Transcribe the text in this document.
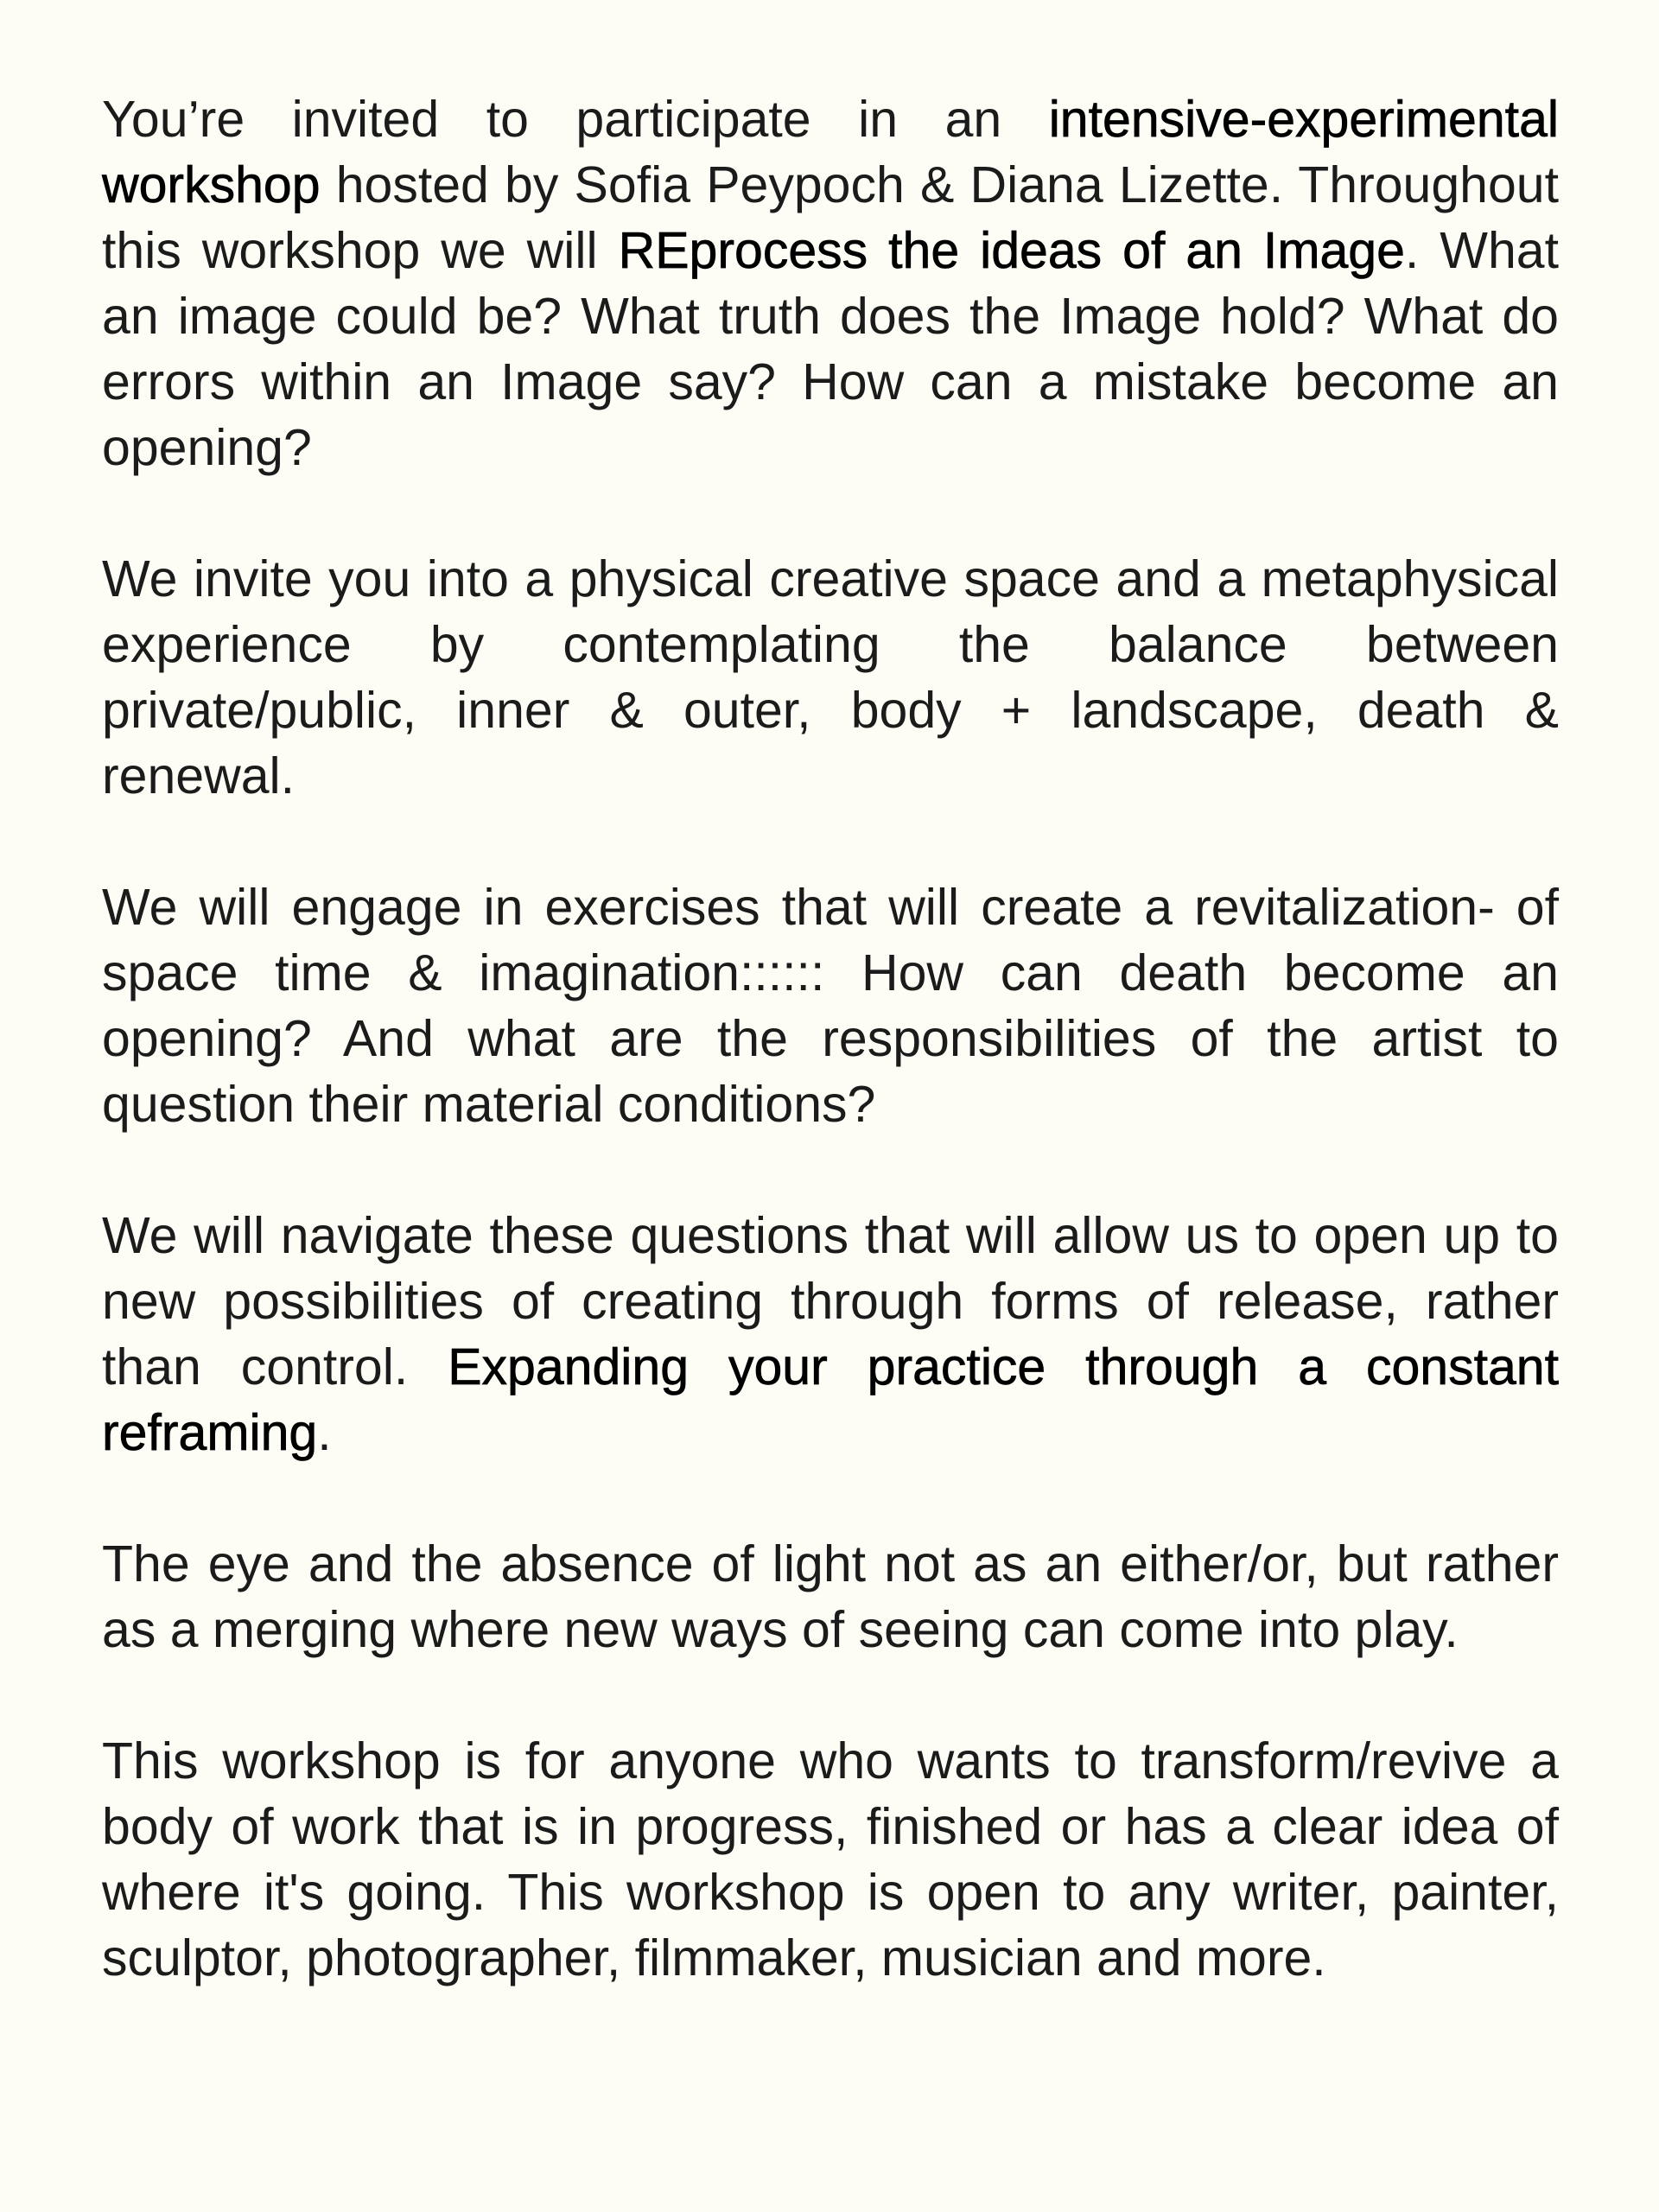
You’re invited to participate in an intensive-experimental workshop hosted by Sofia Peypoch & Diana Lizette. Throughout this workshop we will REprocess the ideas of an Image. What an image could be? What truth does the Image hold? What do errors within an Image say? How can a mistake become an opening?

We invite you into a physical creative space and a metaphysical experience by contemplating the balance between private/public, inner & outer, body + landscape, death & renewal.

We will engage in exercises that will create a revitalization- of space time & imagination:::::: How can death become an opening? And what are the responsibilities of the artist to question their material conditions?

We will navigate these questions that will allow us to open up to new possibilities of creating through forms of release, rather than control. Expanding your practice through a constant reframing.

The eye and the absence of light not as an either/or, but rather as a merging where new ways of seeing can come into play.

This workshop is for anyone who wants to transform/revive a body of work that is in progress, finished or has a clear idea of where it's going. This workshop is open to any writer, painter, sculptor, photographer, filmmaker, musician and more.
